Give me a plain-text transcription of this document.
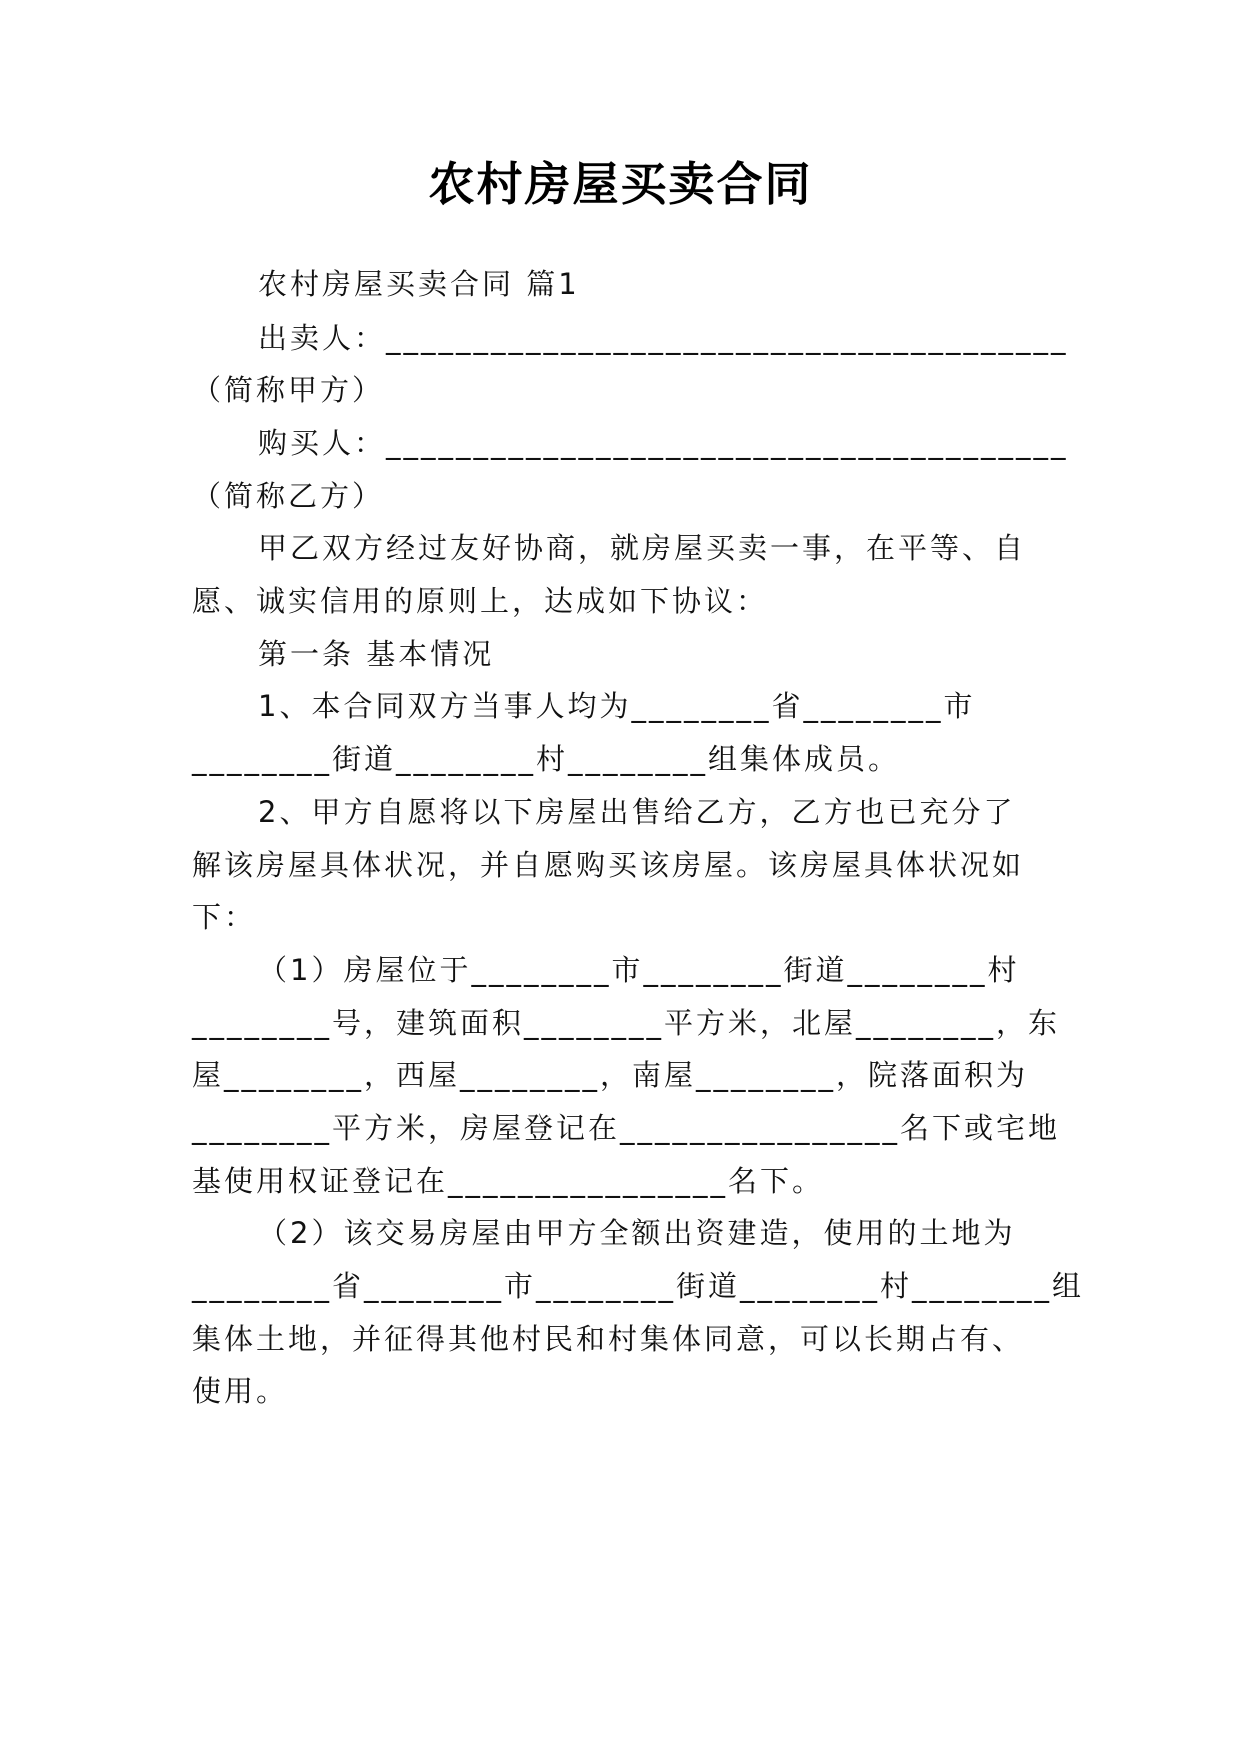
农村房屋买卖合同
农村房屋买卖合同 篇1
出卖人：_______________________________________
（简称甲方）
购买人：_______________________________________
（简称乙方）
甲乙双方经过友好协商，就房屋买卖一事，在平等、自
愿、诚实信用的原则上，达成如下协议：
第一条 基本情况
1、本合同双方当事人均为________省________市
________街道________村________组集体成员。
2、甲方自愿将以下房屋出售给乙方，乙方也已充分了
解该房屋具体状况，并自愿购买该房屋。该房屋具体状况如
下：
（1）房屋位于________市________街道________村
________号，建筑面积________平方米，北屋________，东
屋________，西屋________，南屋________，院落面积为
________平方米，房屋登记在________________名下或宅地
基使用权证登记在________________名下。
（2）该交易房屋由甲方全额出资建造，使用的土地为
________省________市________街道________村________组
集体土地，并征得其他村民和村集体同意，可以长期占有、
使用。
